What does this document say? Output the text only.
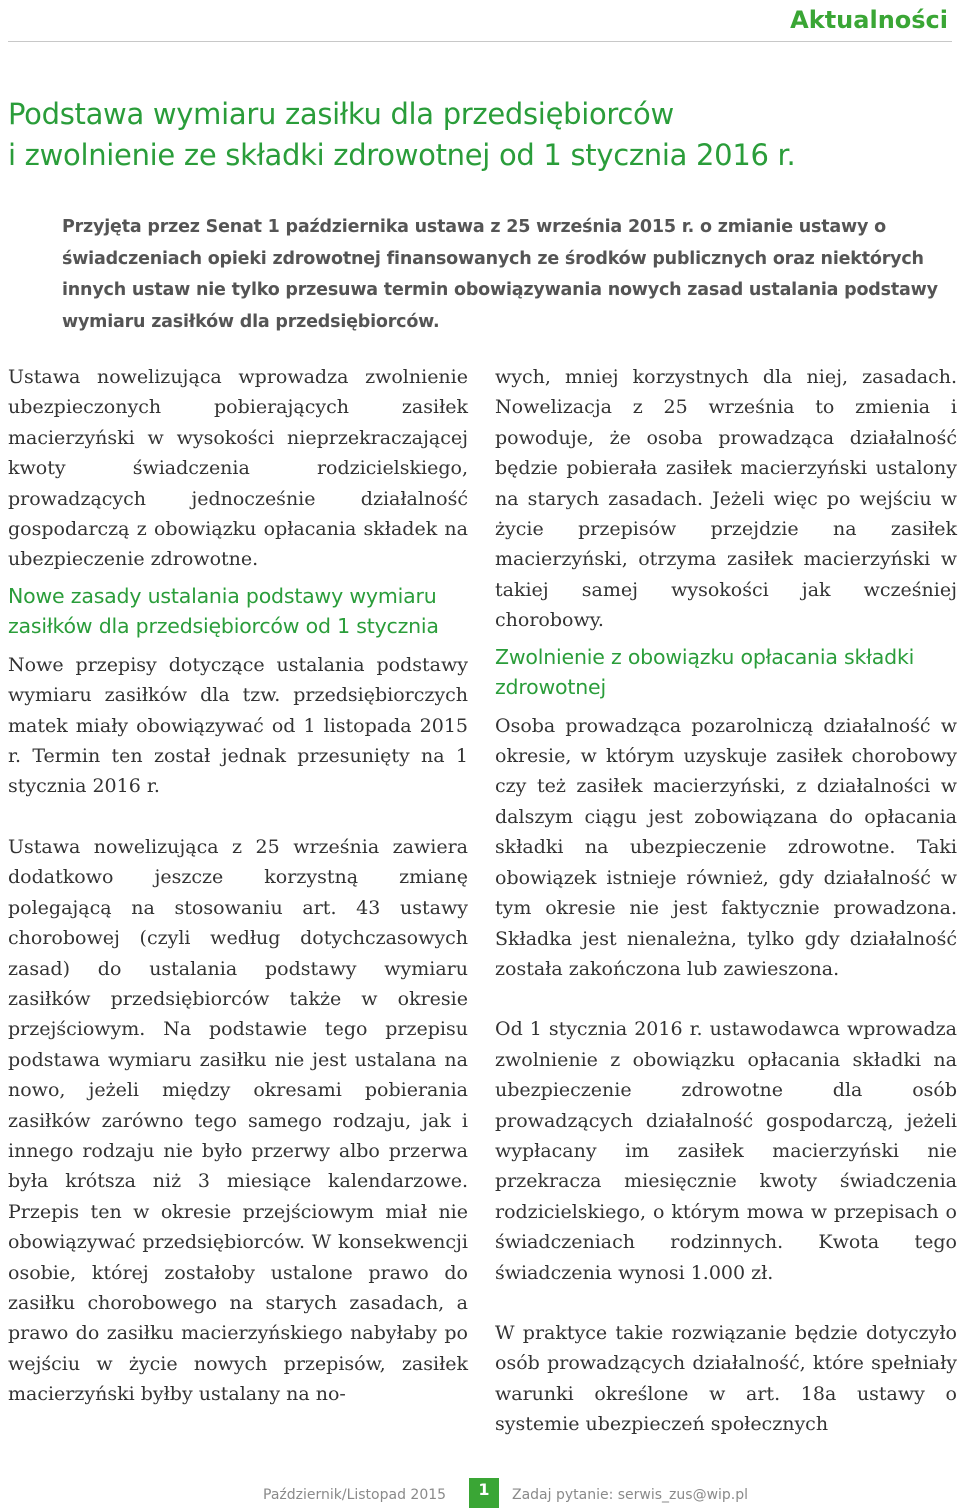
Aktualności
Podstawa wymiaru zasiłku dla przedsiębiorców
i zwolnienie ze składki zdrowotnej od 1 stycznia 2016 r.

Przyjęta przez Senat 1 października ustawa z 25 września 2015 r. o zmianie ustawy o świadczeniach opieki zdrowotnej finansowanych ze środków publicznych oraz niektórych innych ustaw nie tylko przesuwa termin obowiązywania nowych zasad ustalania podstawy wymiaru zasiłków dla przedsiębiorców.

Ustawa nowelizująca wprowadza zwolnienie ubezpieczonych pobierających zasiłek macierzyński w wysokości nieprzekraczającej kwoty świadczenia rodzicielskiego, prowadzących jednocześnie działalność gospodarczą z obowiązku opłacania składek na ubezpieczenie zdrowotne.

Nowe zasady ustalania podstawy wymiaru zasiłków dla przedsiębiorców od 1 stycznia

Nowe przepisy dotyczące ustalania podstawy wymiaru zasiłków dla tzw. przedsiębiorczych matek miały obowiązywać od 1 listopada 2015 r. Termin ten został jednak przesunięty na 1 stycznia 2016 r.

Ustawa nowelizująca z 25 września zawiera dodatkowo jeszcze korzystną zmianę polegającą na stosowaniu art. 43 ustawy chorobowej (czyli według dotychczasowych zasad) do ustalania podstawy wymiaru zasiłków przedsiębiorców także w okresie przejściowym. Na podstawie tego przepisu podstawa wymiaru zasiłku nie jest ustalana na nowo, jeżeli między okresami pobierania zasiłków zarówno tego samego rodzaju, jak i innego rodzaju nie było przerwy albo przerwa była krótsza niż 3 miesiące kalendarzowe. Przepis ten w okresie przejściowym miał nie obowiązywać przedsiębiorców. W konsekwencji osobie, której zostałoby ustalone prawo do zasiłku chorobowego na starych zasadach, a prawo do zasiłku macierzyńskiego nabyłaby po wejściu w życie nowych przepisów, zasiłek macierzyński byłby ustalany na no-

wych, mniej korzystnych dla niej, zasadach. Nowelizacja z 25 września to zmienia i powoduje, że osoba prowadząca działalność będzie pobierała zasiłek macierzyński ustalony na starych zasadach. Jeżeli więc po wejściu w życie przepisów przejdzie na zasiłek macierzyński, otrzyma zasiłek macierzyński w takiej samej wysokości jak wcześniej chorobowy.

Zwolnienie z obowiązku opłacania składki zdrowotnej

Osoba prowadząca pozarolniczą działalność w okresie, w którym uzyskuje zasiłek chorobowy czy też zasiłek macierzyński, z działalności w dalszym ciągu jest zobowiązana do opłacania składki na ubezpieczenie zdrowotne. Taki obowiązek istnieje również, gdy działalność w tym okresie nie jest faktycznie prowadzona. Składka jest nienależna, tylko gdy działalność została zakończona lub zawieszona.

Od 1 stycznia 2016 r. ustawodawca wprowadza zwolnienie z obowiązku opłacania składki na ubezpieczenie zdrowotne dla osób prowadzących działalność gospodarczą, jeżeli wypłacany im zasiłek macierzyński nie przekracza miesięcznie kwoty świadczenia rodzicielskiego, o którym mowa w przepisach o świadczeniach rodzinnych. Kwota tego świadczenia wynosi 1.000 zł.

W praktyce takie rozwiązanie będzie dotyczyło osób prowadzących działalność, które spełniały warunki określone w art. 18a ustawy o systemie ubezpieczeń społecznych

Październik/Listopad 2015	1	Zadaj pytanie: serwis_zus@wip.pl
